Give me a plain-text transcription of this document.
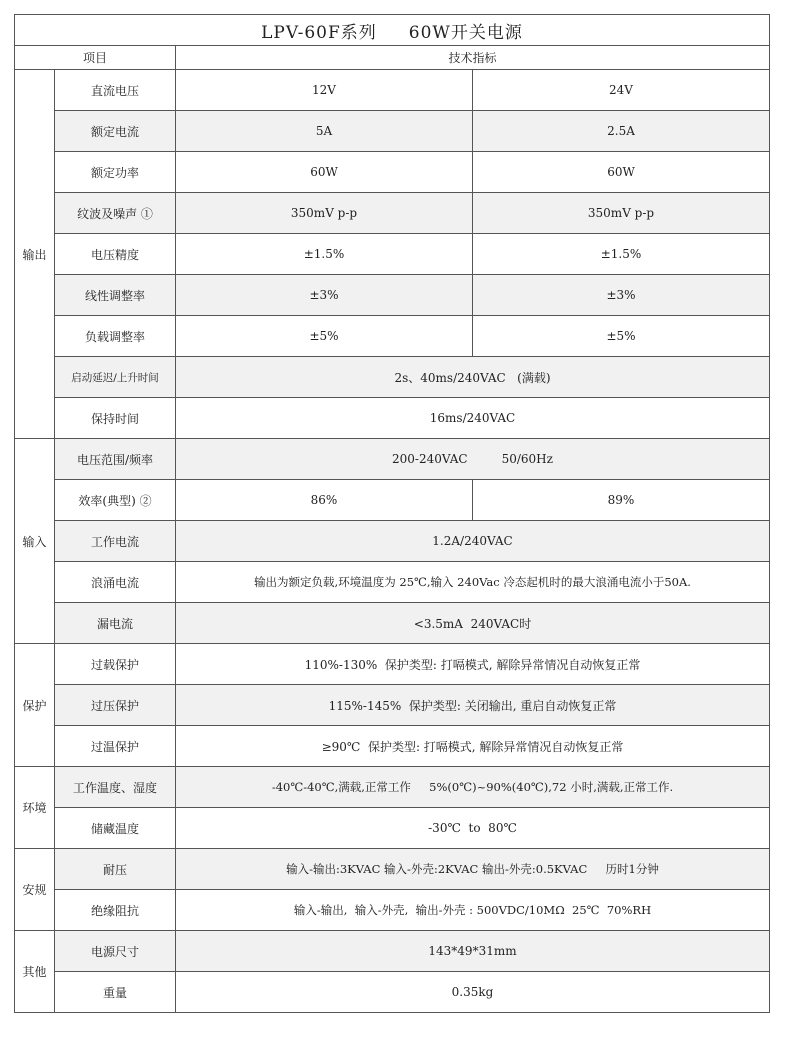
LPV-60F系列     60W开关电源			
项目		技术指标	
输出	直流电压	12V	24V
	额定电流	5A	2.5A
	额定功率	60W	60W
	纹波及噪声 ①	350mV p-p	350mV p-p
	电压精度	±1.5%	±1.5%
	线性调整率	±3%	±3%
	负载调整率	±5%	±5%
	启动延迟/上升时间	2s、40ms/240VAC   (满载)	
	保持时间	16ms/240VAC	
输入	电压范围/频率	200-240VAC 50/60Hz	
	效率(典型) ②	86%	89%
	工作电流	1.2A/240VAC	
	浪涌电流	输出为额定负载,环境温度为 25℃,输入 240Vac 冷态起机时的最大浪涌电流小于50A.	
	漏电流	<3.5mA  240VAC时	
保护	过载保护	110%-130%  保护类型: 打嗝模式, 解除异常情况自动恢复正常	
	过压保护	115%-145%  保护类型: 关闭输出, 重启自动恢复正常	
	过温保护	≥90℃  保护类型: 打嗝模式, 解除异常情况自动恢复正常	
环境	工作温度、湿度	-40℃-40℃,满载,正常工作     5%(0℃)~90%(40℃),72 小时,满载,正常工作.	
	储藏温度	-30℃  to  80℃	
安规	耐压	输入-输出:3KVAC 输入-外壳:2KVAC 输出-外壳:0.5KVAC     历时1分钟	
	绝缘阻抗	输入-输出,  输入-外壳,  输出-外壳 : 500VDC/10MΩ  25℃  70%RH	
其他	电源尺寸	143*49*31mm	
	重量	0.35kg	
